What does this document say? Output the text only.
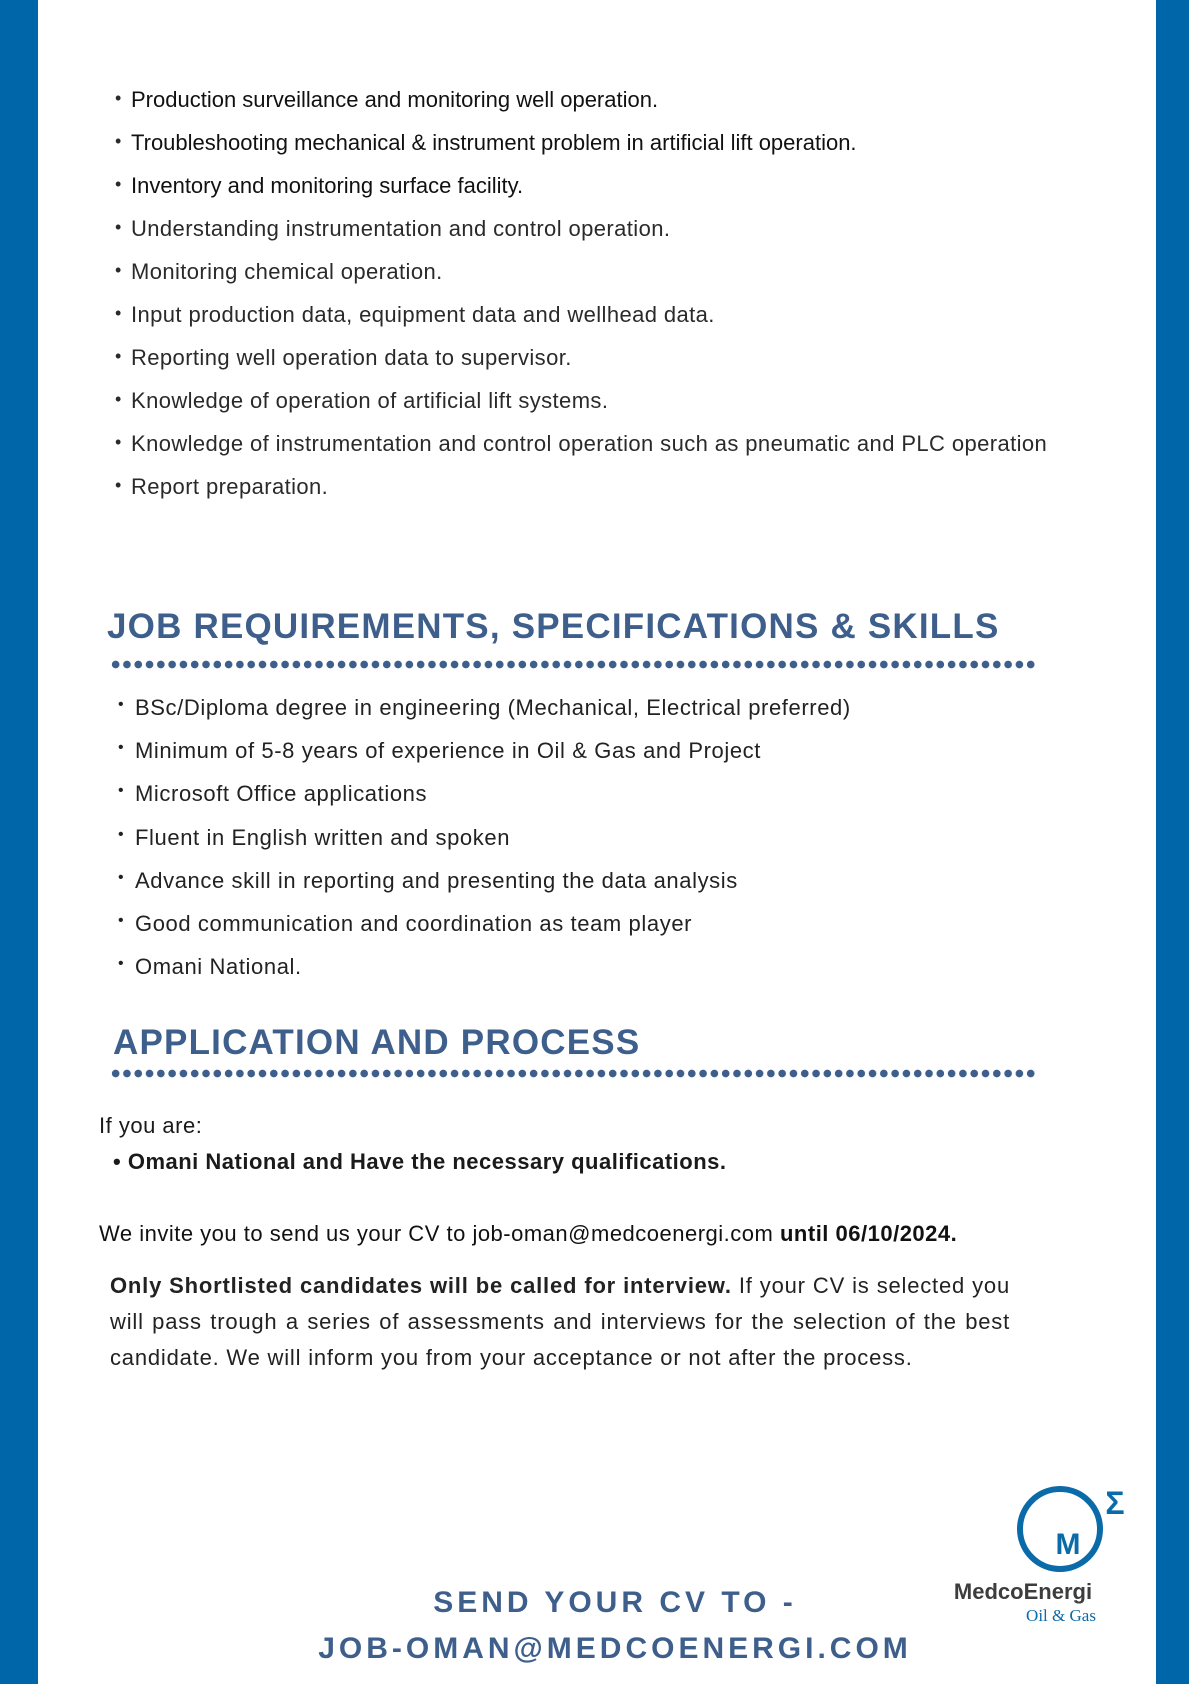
• Production surveillance and monitoring well operation.
• Troubleshooting mechanical & instrument problem in artificial lift operation.
• Inventory and monitoring surface facility.
• Understanding instrumentation and control operation.
• Monitoring chemical operation.
• Input production data, equipment data and wellhead data.
• Reporting well operation data to supervisor.
• Knowledge of operation of artificial lift systems.
• Knowledge of instrumentation and control operation such as pneumatic and PLC operation
• Report preparation.
JOB REQUIREMENTS, SPECIFICATIONS & SKILLS
• BSc/Diploma degree in engineering (Mechanical, Electrical preferred)
• Minimum of 5-8 years of experience in Oil & Gas and Project
• Microsoft Office applications
• Fluent in English written and spoken
• Advance skill in reporting and presenting the data analysis
• Good communication and coordination as team player
• Omani National.
APPLICATION AND PROCESS

If you are:

• Omani National and Have the necessary qualifications.

We invite you to send us your CV to job-oman@medcoenergi.com until 06/10/2024.

Only Shortlisted candidates will be called for interview. If your CV is selected you will pass trough a series of assessments and interviews for the selection of the best candidate. We will inform you from your acceptance or not after the process.

SEND YOUR CV TO -
JOB-OMAN@MEDCOENERGI.COM
M
Σ
MedcoEnergi
Oil & Gas
